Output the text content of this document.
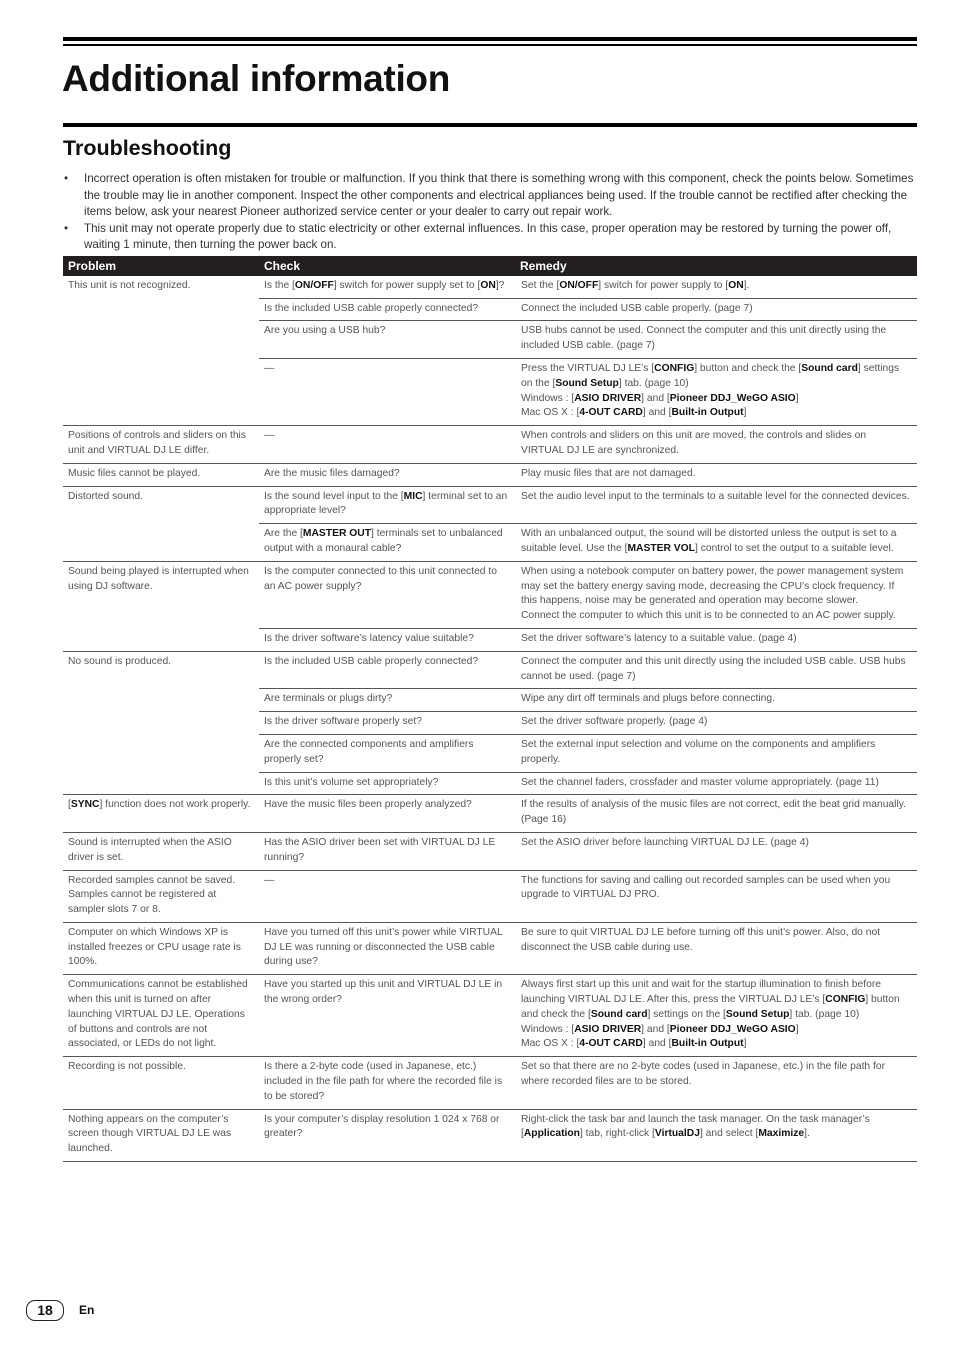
Additional information
Troubleshooting
• Incorrect operation is often mistaken for trouble or malfunction. If you think that there is something wrong with this component, check the points below. Sometimes the trouble may lie in another component. Inspect the other components and electrical appliances being used. If the trouble cannot be rectified after checking the items below, ask your nearest Pioneer authorized service center or your dealer to carry out repair work.
• This unit may not operate properly due to static electricity or other external influences. In this case, proper operation may be restored by turning the power off, waiting 1 minute, then turning the power back on.
Problem	Check	Remedy
This unit is not recognized.	Is the [ON/OFF] switch for power supply set to [ON]?	Set the [ON/OFF] switch for power supply to [ON].
	Is the included USB cable properly connected?	Connect the included USB cable properly. (page 7)
	Are you using a USB hub?	USB hubs cannot be used. Connect the computer and this unit directly using the included USB cable. (page 7)
	—	Press the VIRTUAL DJ LE’s [CONFIG] button and check the [Sound card] settings on the [Sound Setup] tab. (page 10)
Windows : [ASIO DRIVER] and [Pioneer DDJ_WeGO ASIO]
Mac OS X : [4-OUT CARD] and [Built-in Output]
Positions of controls and sliders on this unit and VIRTUAL DJ LE differ.	—	When controls and sliders on this unit are moved, the controls and slides on VIRTUAL DJ LE are synchronized.
Music files cannot be played.	Are the music files damaged?	Play music files that are not damaged.
Distorted sound.	Is the sound level input to the [MIC] terminal set to an appropriate level?	Set the audio level input to the terminals to a suitable level for the connected devices.
	Are the [MASTER OUT] terminals set to unbalanced output with a monaural cable?	With an unbalanced output, the sound will be distorted unless the output is set to a suitable level. Use the [MASTER VOL] control to set the output to a suitable level.
Sound being played is interrupted when using DJ software.	Is the computer connected to this unit connected to an AC power supply?	When using a notebook computer on battery power, the power management system may set the battery energy saving mode, decreasing the CPU’s clock frequency. If this happens, noise may be generated and operation may become slower.
Connect the computer to which this unit is to be connected to an AC power supply.
	Is the driver software’s latency value suitable?	Set the driver software’s latency to a suitable value. (page 4)
No sound is produced.	Is the included USB cable properly connected?	Connect the computer and this unit directly using the included USB cable. USB hubs cannot be used. (page 7)
	Are terminals or plugs dirty?	Wipe any dirt off terminals and plugs before connecting.
	Is the driver software properly set?	Set the driver software properly. (page 4)
	Are the connected components and amplifiers properly set?	Set the external input selection and volume on the components and amplifiers properly.
	Is this unit’s volume set appropriately?	Set the channel faders, crossfader and master volume appropriately. (page 11)
[SYNC] function does not work properly.	Have the music files been properly analyzed?	If the results of analysis of the music files are not correct, edit the beat grid manually. (Page 16)
Sound is interrupted when the ASIO driver is set.	Has the ASIO driver been set with VIRTUAL DJ LE running?	Set the ASIO driver before launching VIRTUAL DJ LE. (page 4)
Recorded samples cannot be saved. Samples cannot be registered at sampler slots 7 or 8.	—	The functions for saving and calling out recorded samples can be used when you upgrade to VIRTUAL DJ PRO.
Computer on which Windows XP is installed freezes or CPU usage rate is 100%.	Have you turned off this unit’s power while VIRTUAL DJ LE was running or disconnected the USB cable during use?	Be sure to quit VIRTUAL DJ LE before turning off this unit’s power. Also, do not disconnect the USB cable during use.
Communications cannot be established when this unit is turned on after launching VIRTUAL DJ LE. Operations of buttons and controls are not associated, or LEDs do not light.	Have you started up this unit and VIRTUAL DJ LE in the wrong order?	Always first start up this unit and wait for the startup illumination to finish before launching VIRTUAL DJ LE. After this, press the VIRTUAL DJ LE’s [CONFIG] button and check the [Sound card] settings on the [Sound Setup] tab. (page 10)
Windows : [ASIO DRIVER] and [Pioneer DDJ_WeGO ASIO]
Mac OS X : [4-OUT CARD] and [Built-in Output]
Recording is not possible.	Is there a 2-byte code (used in Japanese, etc.) included in the file path for where the recorded file is to be stored?	Set so that there are no 2-byte codes (used in Japanese, etc.) in the file path for where recorded files are to be stored.
Nothing appears on the computer’s screen though VIRTUAL DJ LE was launched.	Is your computer’s display resolution 1 024 x 768 or greater?	Right-click the task bar and launch the task manager. On the task manager’s [Application] tab, right-click [VirtualDJ] and select [Maximize].
18	En
